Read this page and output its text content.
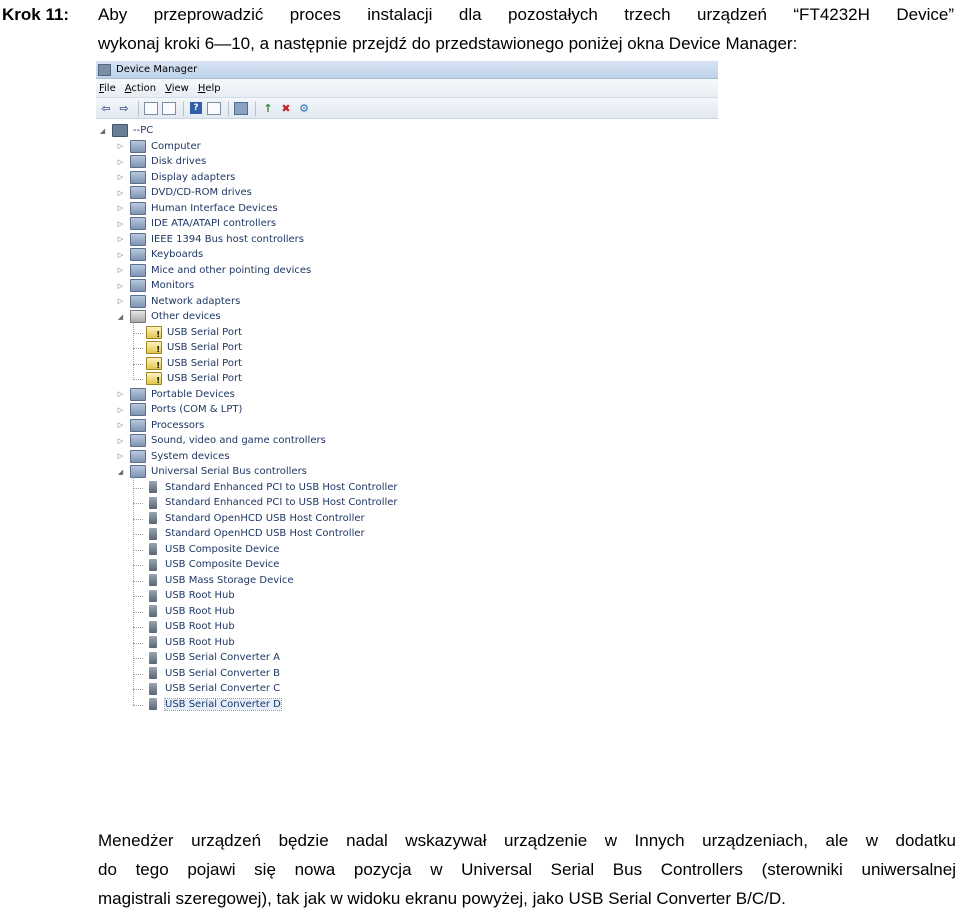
Krok 11: Aby przeprowadzić proces instalacji dla pozostałych trzech urządzeń “FT4232H Device”
wykonaj kroki 6—10, a następnie przejdź do przedstawionego poniżej okna Device Manager:
Device Manager
File Action View Help
⇦ ⇨	?	↑ ✖ ⚙
◢	--PC
▷	Computer
▷	Disk drives
▷	Display adapters
▷	DVD/CD-ROM drives
▷	Human Interface Devices
▷	IDE ATA/ATAPI controllers
▷	IEEE 1394 Bus host controllers
▷	Keyboards
▷	Mice and other pointing devices
▷	Monitors
▷	Network adapters
◢	Other devices
!
USB Serial Port
!
USB Serial Port
!
USB Serial Port
!
USB Serial Port
▷	Portable Devices
▷	Ports (COM & LPT)
▷	Processors
▷	Sound, video and game controllers
▷	System devices
◢	Universal Serial Bus controllers
Standard Enhanced PCI to USB Host Controller
Standard Enhanced PCI to USB Host Controller
Standard OpenHCD USB Host Controller
Standard OpenHCD USB Host Controller
USB Composite Device
USB Composite Device
USB Mass Storage Device
USB Root Hub
USB Root Hub
USB Root Hub
USB Root Hub
USB Serial Converter A
USB Serial Converter B
USB Serial Converter C
USB Serial Converter D
Menedżer urządzeń będzie nadal wskazywał urządzenie w Innych urządzeniach, ale w dodatku
do tego pojawi się nowa pozycja w Universal Serial Bus Controllers (sterowniki uniwersalnej
magistrali szeregowej), tak jak w widoku ekranu powyżej, jako USB Serial Converter B/C/D.
